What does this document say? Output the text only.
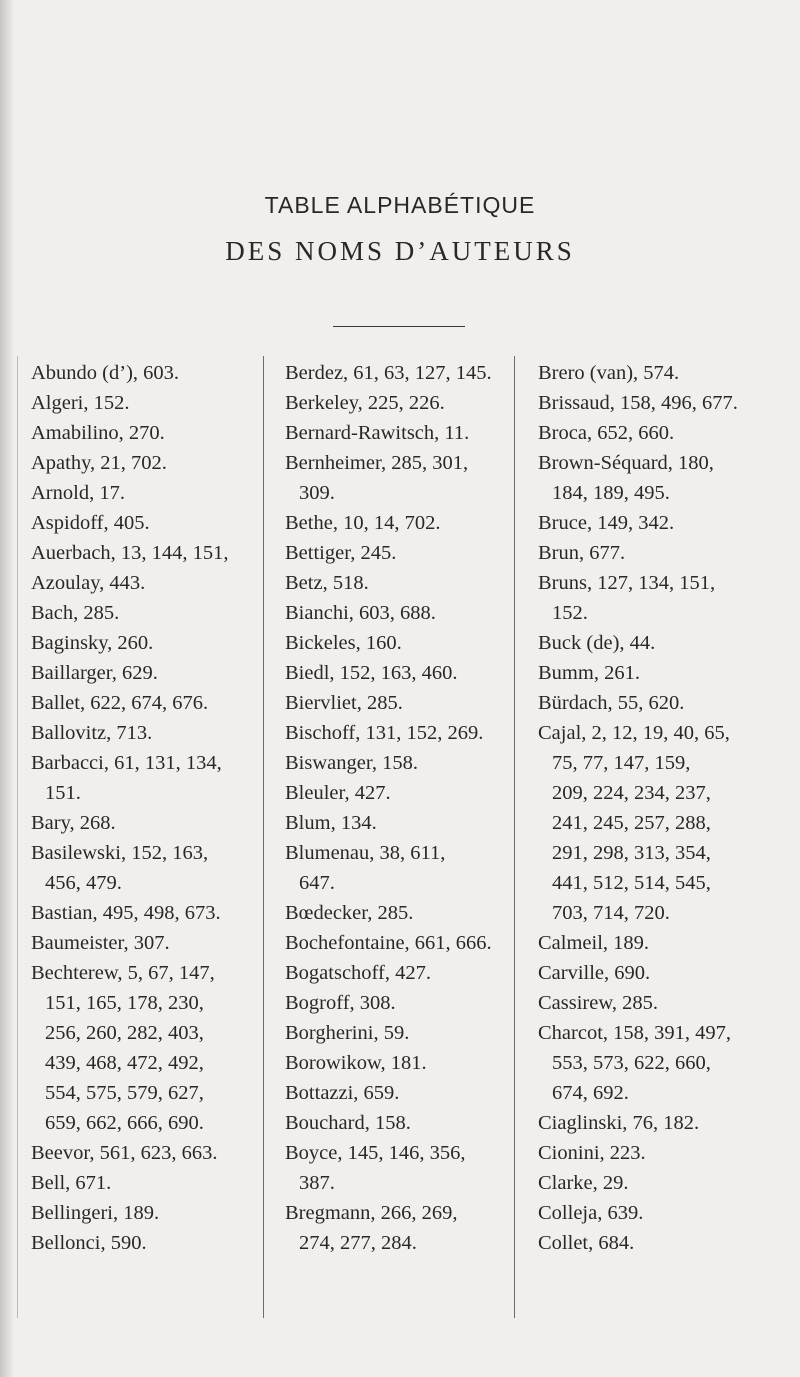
TABLE ALPHABÉTIQUE
DES NOMS D’AUTEURS

Abundo (d’), 603.

Algeri, 152.

Amabilino, 270.

Apathy, 21, 702.

Arnold, 17.

Aspidoff, 405.

Auerbach, 13, 144, 151,

Azoulay, 443.

Bach, 285.

Baginsky, 260.

Baillarger, 629.

Ballet, 622, 674, 676.

Ballovitz, 713.

Barbacci, 61, 131, 134,
151.

Bary, 268.

Basilewski, 152, 163,
456, 479.

Bastian, 495, 498, 673.

Baumeister, 307.

Bechterew, 5, 67, 147,
151, 165, 178, 230,
256, 260, 282, 403,
439, 468, 472, 492,
554, 575, 579, 627,
659, 662, 666, 690.

Beevor, 561, 623, 663.

Bell, 671.

Bellingeri, 189.

Bellonci, 590.

Berdez, 61, 63, 127, 145.

Berkeley, 225, 226.

Bernard-Rawitsch, 11.

Bernheimer, 285, 301,
309.

Bethe, 10, 14, 702.

Bettiger, 245.

Betz, 518.

Bianchi, 603, 688.

Bickeles, 160.

Biedl, 152, 163, 460.

Biervliet, 285.

Bischoff, 131, 152, 269.

Biswanger, 158.

Bleuler, 427.

Blum, 134.

Blumenau, 38, 611,
647.

Bœdecker, 285.

Bochefontaine, 661, 666.

Bogatschoff, 427.

Bogroff, 308.

Borgherini, 59.

Borowikow, 181.

Bottazzi, 659.

Bouchard, 158.

Boyce, 145, 146, 356,
387.

Bregmann, 266, 269,
274, 277, 284.

Brero (van), 574.

Brissaud, 158, 496, 677.

Broca, 652, 660.

Brown-Séquard, 180,
184, 189, 495.

Bruce, 149, 342.

Brun, 677.

Bruns, 127, 134, 151,
152.

Buck (de), 44.

Bumm, 261.

Bürdach, 55, 620.

Cajal, 2, 12, 19, 40, 65,
75, 77, 147, 159,
209, 224, 234, 237,
241, 245, 257, 288,
291, 298, 313, 354,
441, 512, 514, 545,
703, 714, 720.

Calmeil, 189.

Carville, 690.

Cassirew, 285.

Charcot, 158, 391, 497,
553, 573, 622, 660,
674, 692.

Ciaglinski, 76, 182.

Cionini, 223.

Clarke, 29.

Colleja, 639.

Collet, 684.
